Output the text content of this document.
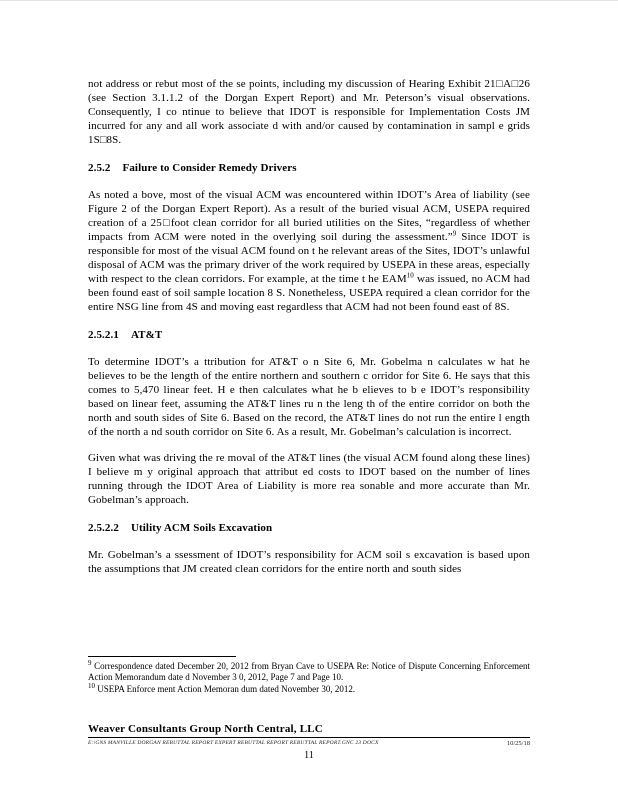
not address or rebut most of the se points, including my discussion of Hearing Exhibit 21□A□26 (see Section 3.1.1.2 of the Dorgan Expert Report) and Mr. Peterson’s visual observations. Consequently, I co ntinue to believe that IDOT is responsible for Implementation Costs JM incurred for any and all work associate d with and/or caused by contamination in sampl e grids 1S□8S.

2.5.2 Failure to Consider Remedy Drivers

As noted a bove, most of the visual ACM was encountered within IDOT’s Area of liability (see Figure 2 of the Dorgan Expert Report). As a result of the buried visual ACM, USEPA required creation of a 25□foot clean corridor for all buried utilities on the Sites, “regardless of whether impacts from ACM were noted in the overlying soil during the assessment.”$^9$ Since IDOT is responsible for most of the visual ACM found on t he relevant areas of the Sites, IDOT’s unlawful disposal of ACM was the primary driver of the work required by USEPA in these areas, especially with respect to the clean corridors. For example, at the time t he EAM$^{10}$ was issued, no ACM had been found east of soil sample location 8 S. Nonetheless, USEPA required a clean corridor for the entire NSG line from 4S and moving east regardless that ACM had not been found east of 8S.

2.5.2.1 AT&T

To determine IDOT’s a ttribution for AT&T o n Site 6, Mr. Gobelma n calculates w hat he believes to be the length of the entire northern and southern c orridor for Site 6. He says that this comes to 5,470 linear feet. H e then calculates what he b elieves to b e IDOT’s responsibility based on linear feet, assuming the AT&T lines ru n the leng th of the entire corridor on both the north and south sides of Site 6. Based on the record, the AT&T lines do not run the entire l ength of the north a nd south corridor on Site 6. As a result, Mr. Gobelman’s calculation is incorrect.

Given what was driving the re moval of the AT&T lines (the visual ACM found along these lines) I believe m y original approach that attribut ed costs to IDOT based on the number of lines running through the IDOT Area of Liability is more rea sonable and more accurate than Mr. Gobelman’s approach.

2.5.2.2 Utility ACM Soils Excavation

Mr. Gobelman’s a ssessment of IDOT’s responsibility for ACM soil s excavation is based upon the assumptions that JM created clean corridors for the entire north and south sides

$^9$ Correspondence dated December 20, 2012 from Bryan Cave to USEPA Re: Notice of Dispute Concerning Enforcement Action Memorandum date d November 3 0, 2012, Page 7 and Page 10.
$^{10}$ USEPA Enforce ment Action Memoran dum dated November 30, 2012.
Weaver Consultants Group North Central, LLC
E:\GNS MANVILLE DORGAN REBUTTAL REPORT EXPERT REBUTTAL REPORT REBUTTAL REPORT.GNC 23 DOCX	10/25/18
11
